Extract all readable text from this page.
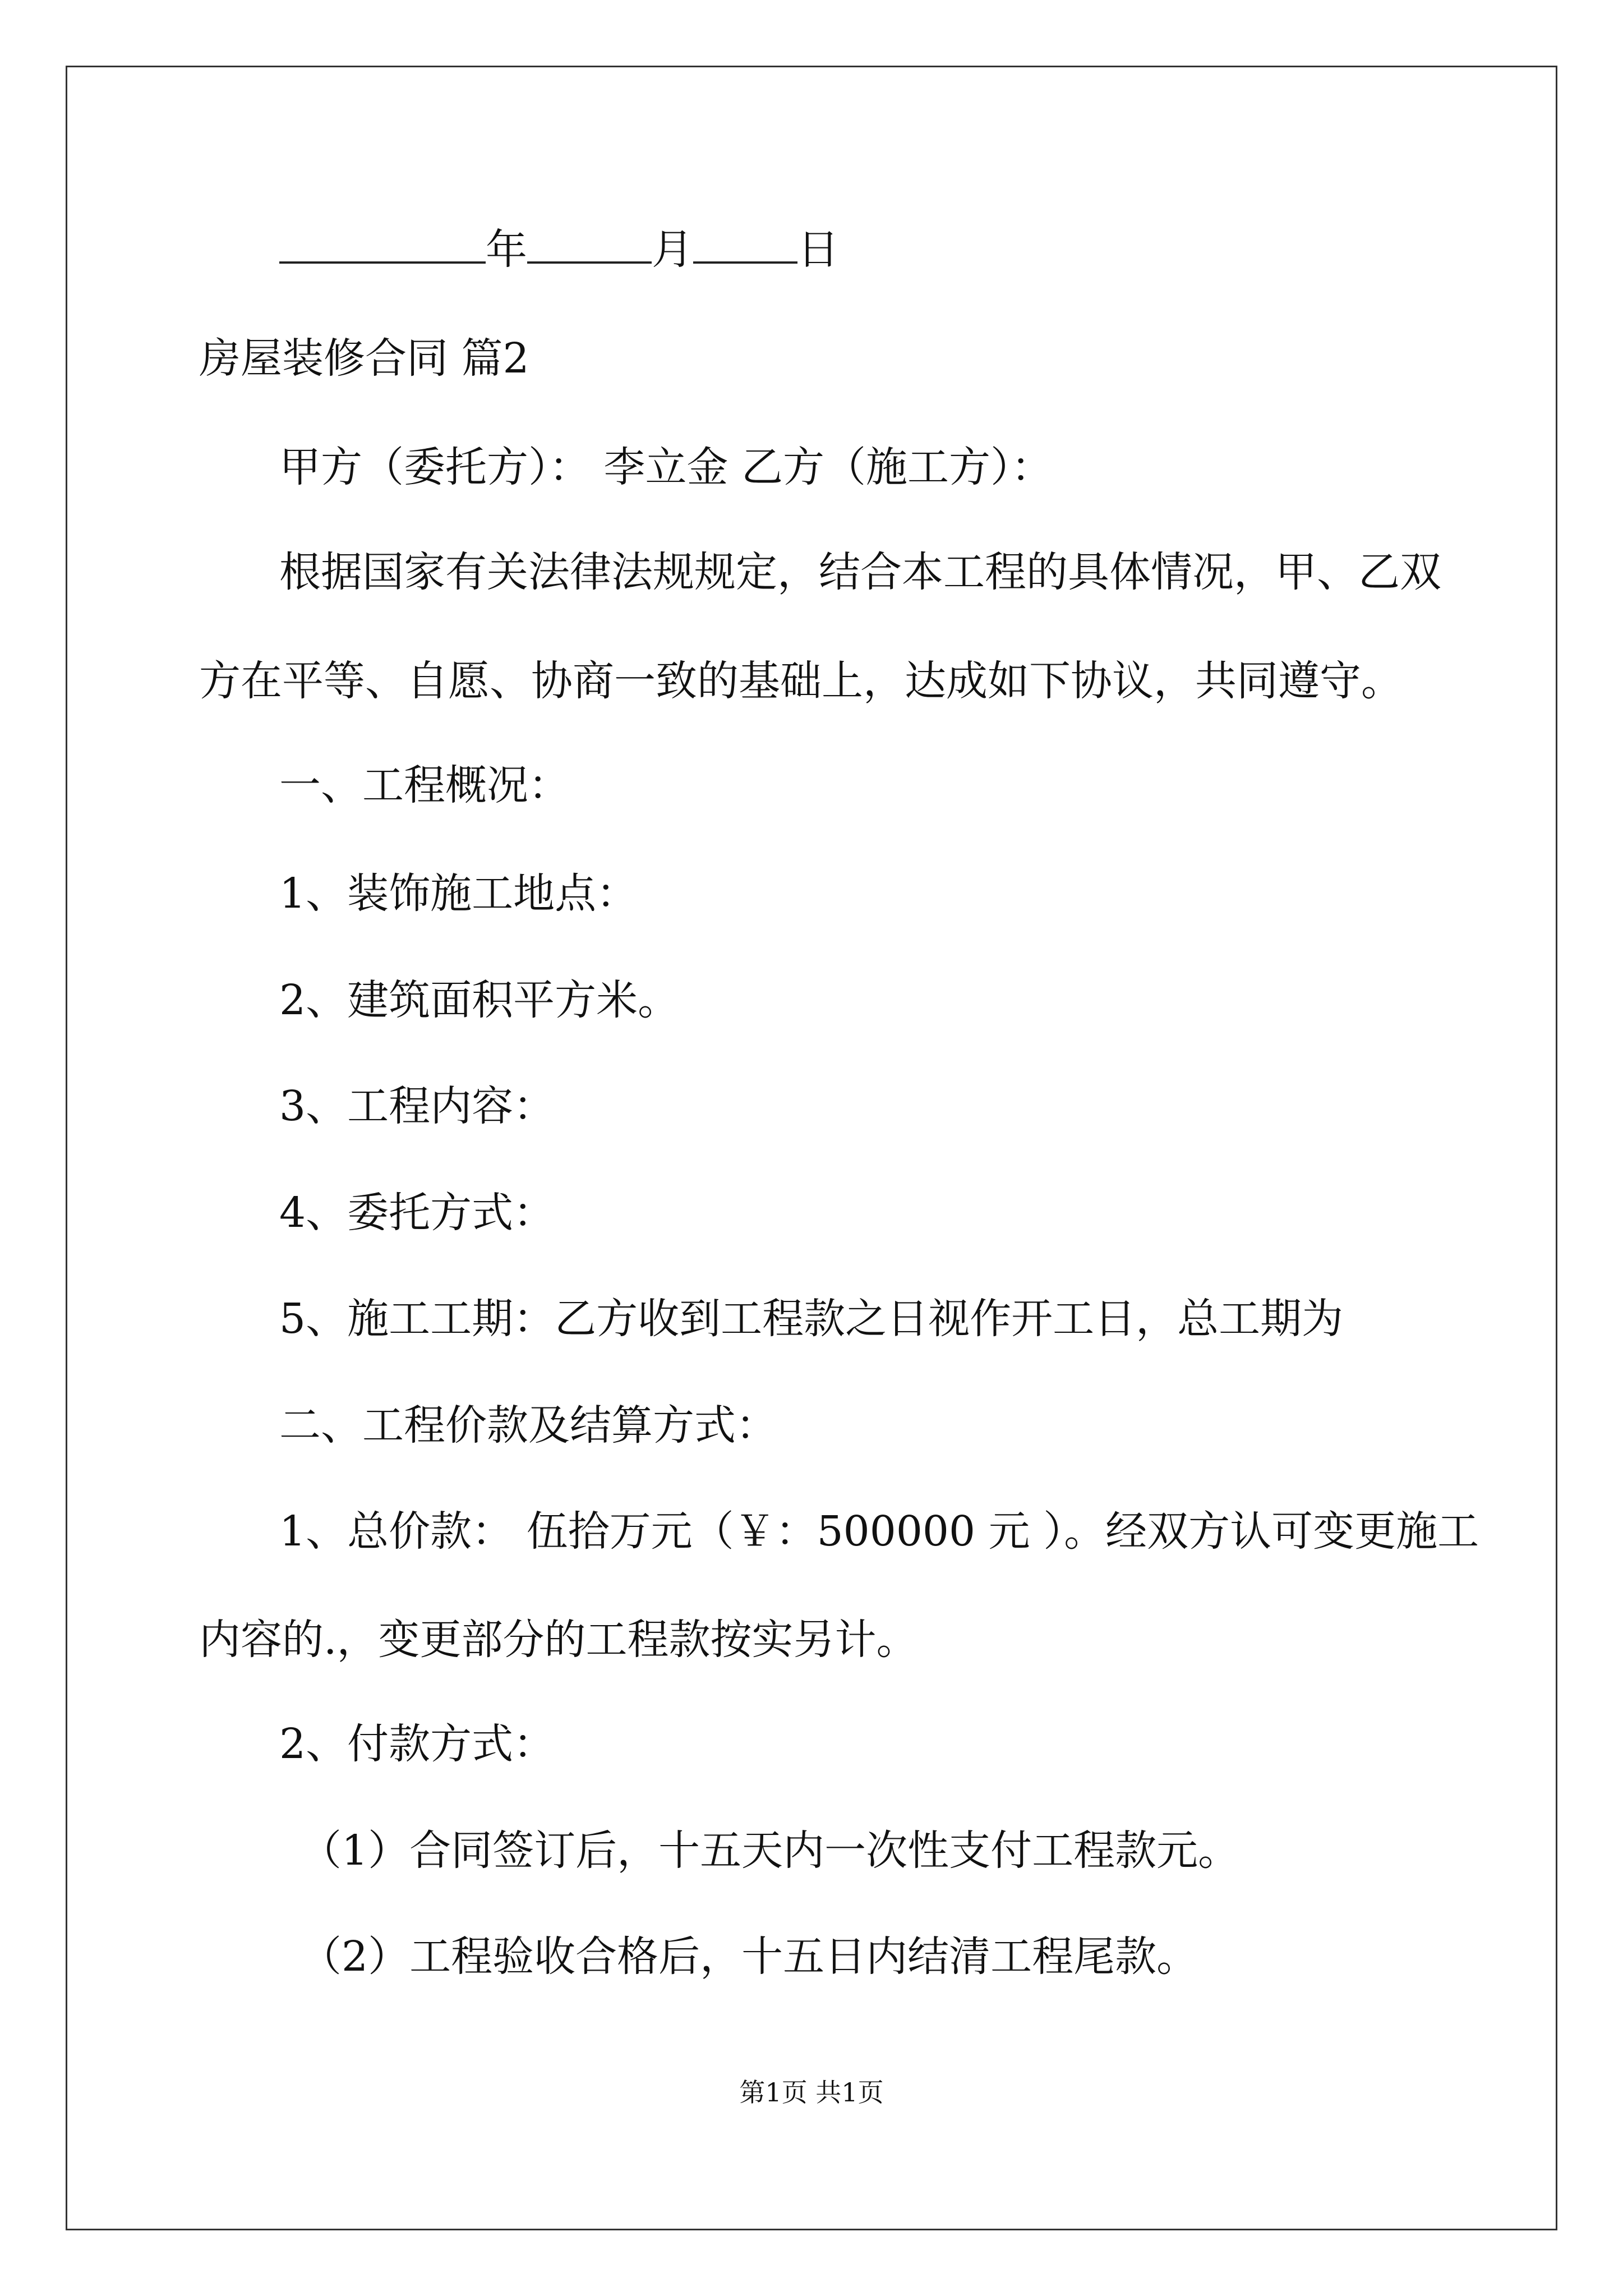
年	月	日
房屋装修合同 篇2
甲方（委托方）： 李立金 乙方（施工方）：
根据国家有关法律法规规定，结合本工程的具体情况，甲、乙双
方在平等、自愿、协商一致的基础上，达成如下协议，共同遵守。
一、工程概况：
1、装饰施工地点：
2、建筑面积平方米。
3、工程内容：
4、委托方式：
5、施工工期：乙方收到工程款之日视作开工日，总工期为
二、工程价款及结算方式：
1、总价款： 伍拾万元（￥：500000 元 ）。经双方认可变更施工
内容的.，变更部分的工程款按实另计。
2、付款方式：
（1）合同签订后，十五天内一次性支付工程款元。
（2）工程验收合格后，十五日内结清工程尾款。
第1页 共1页
